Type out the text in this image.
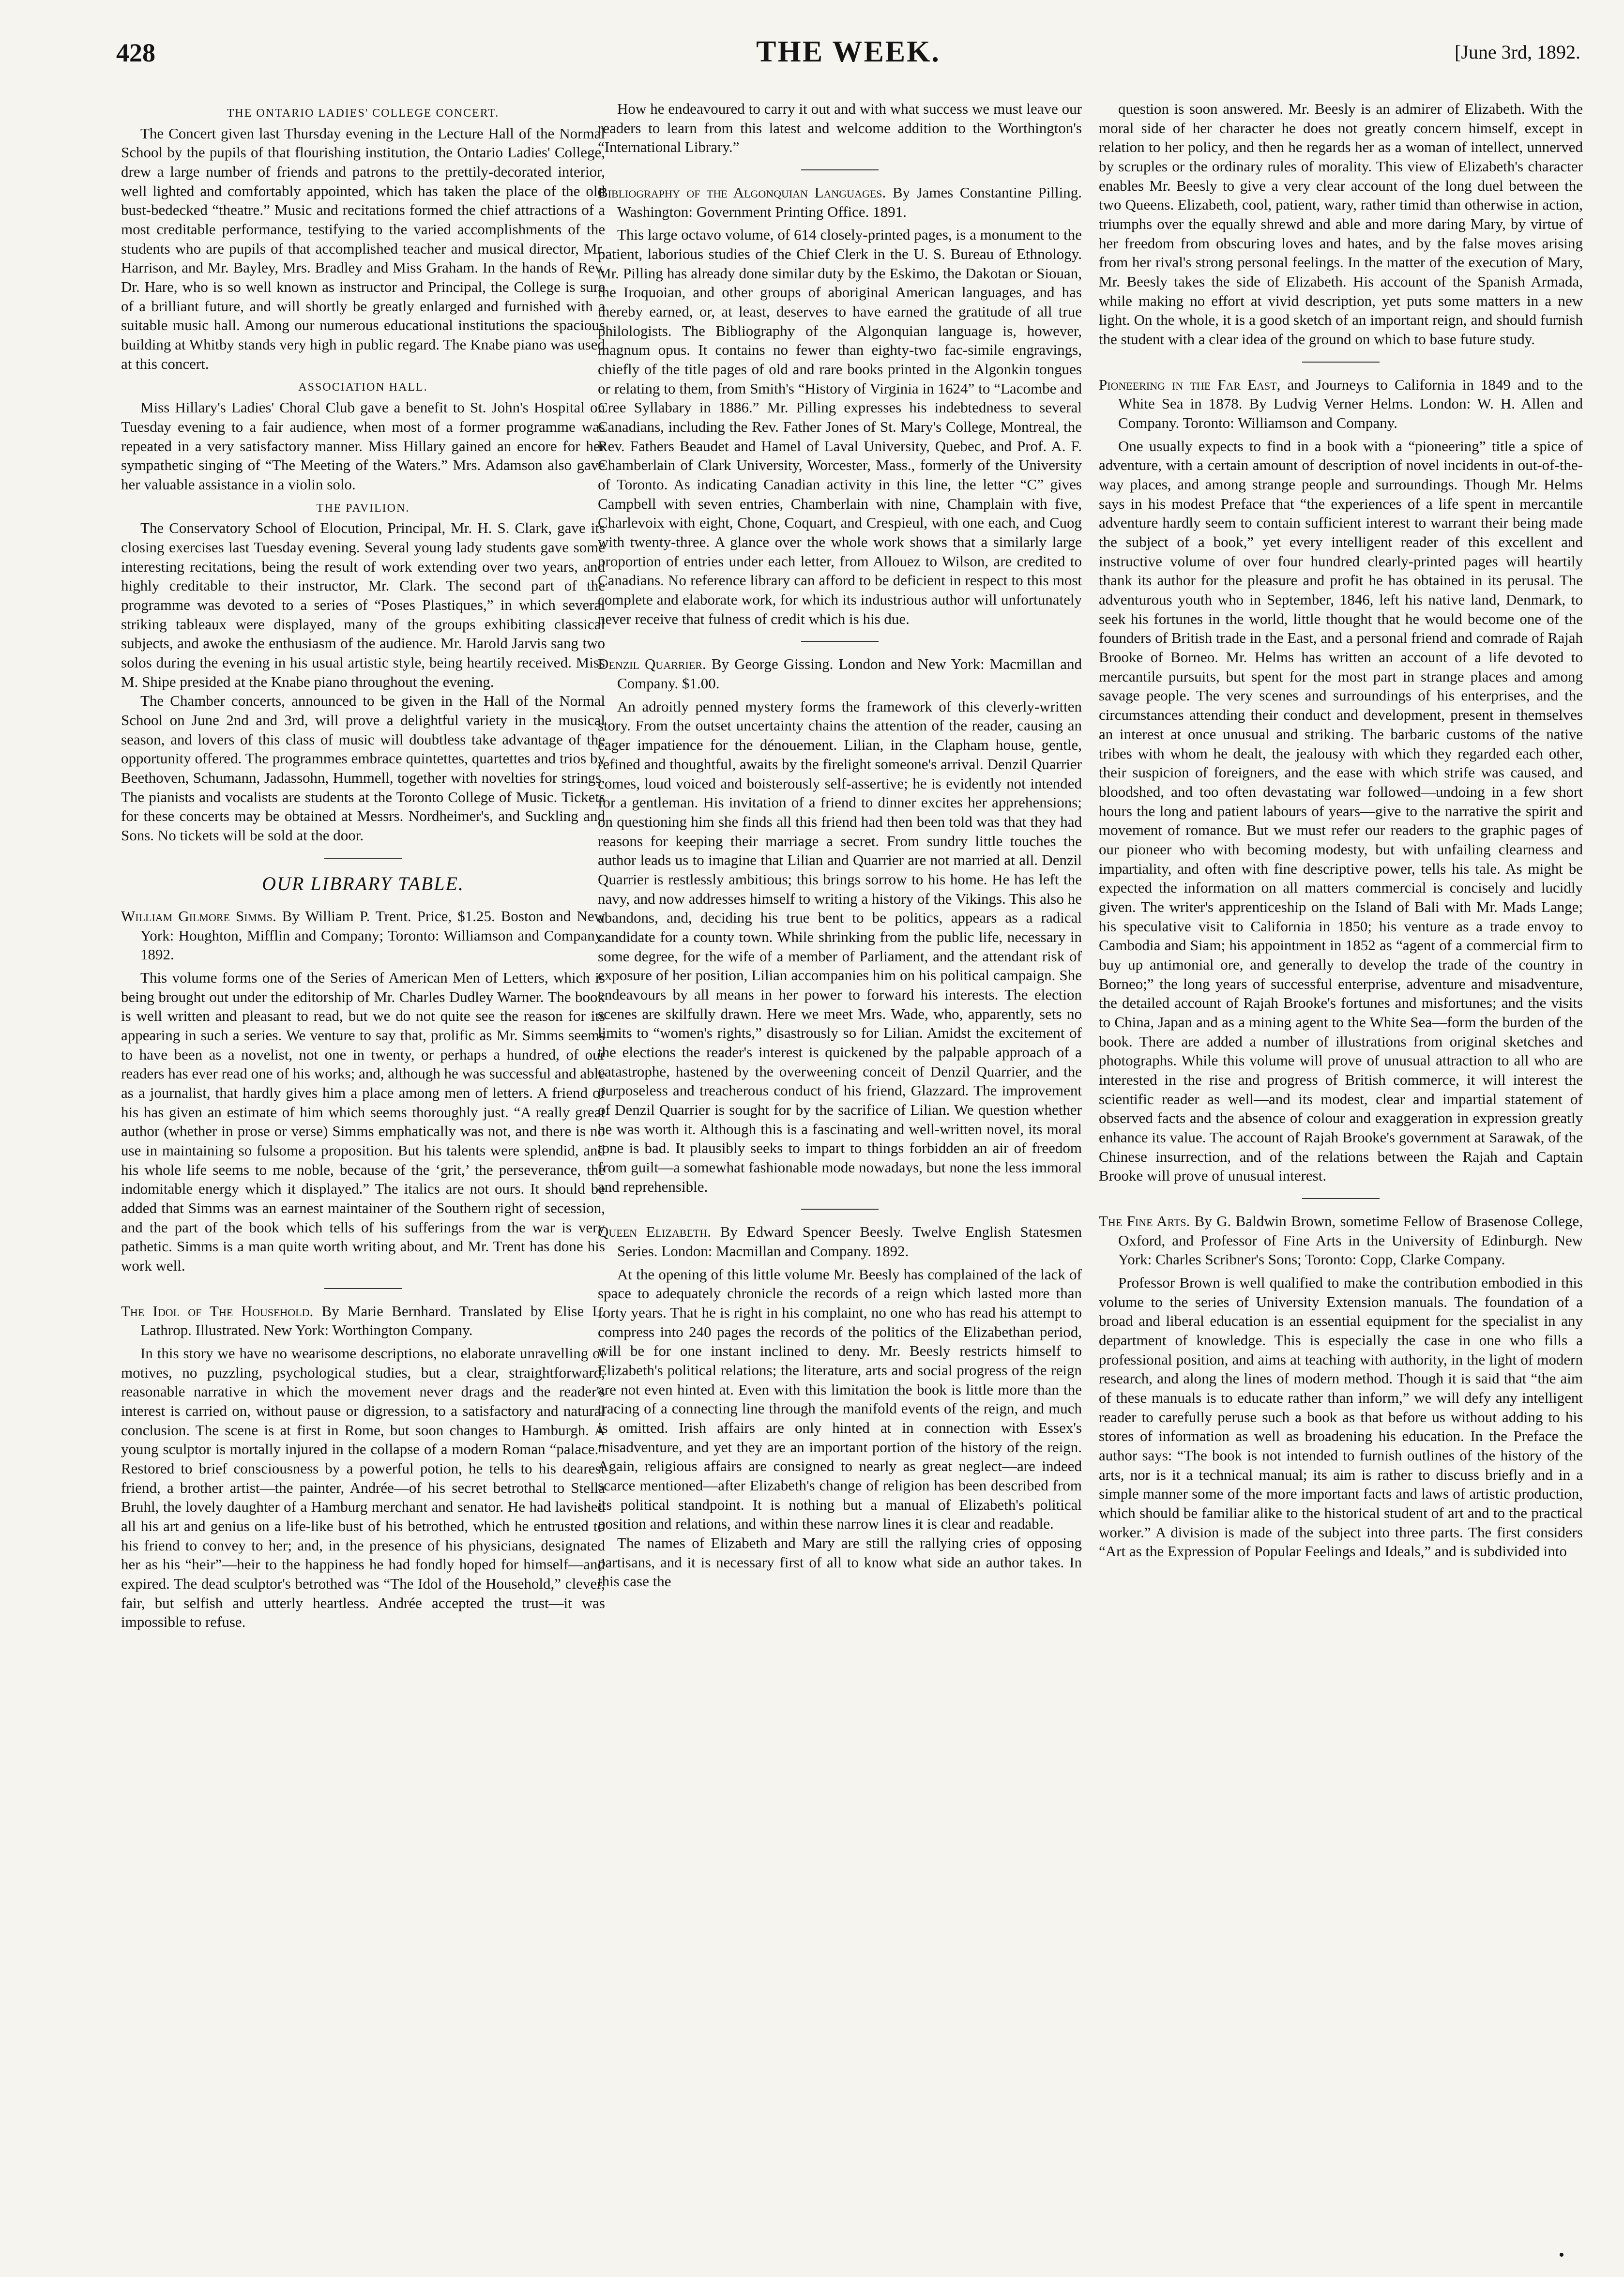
428	THE WEEK.	[June 3rd, 1892.
THE ONTARIO LADIES' COLLEGE CONCERT.

The Concert given last Thursday evening in the Lecture Hall of the Normal School by the pupils of that flourishing institution, the Ontario Ladies' College, drew a large number of friends and patrons to the prettily-decorated interior, well lighted and comfortably appointed, which has taken the place of the old bust-bedecked “theatre.” Music and recitations formed the chief attractions of a most creditable performance, testifying to the varied accomplishments of the students who are pupils of that accomplished teacher and musical director, Mr. Harrison, and Mr. Bayley, Mrs. Bradley and Miss Graham. In the hands of Rev. Dr. Hare, who is so well known as instructor and Principal, the College is sure of a brilliant future, and will shortly be greatly enlarged and furnished with a suitable music hall. Among our numerous educational institutions the spacious building at Whitby stands very high in public regard. The Knabe piano was used at this concert.

ASSOCIATION HALL.

Miss Hillary's Ladies' Choral Club gave a benefit to St. John's Hospital on Tuesday evening to a fair audience, when most of a former programme was repeated in a very satisfactory manner. Miss Hillary gained an encore for her sympathetic singing of “The Meeting of the Waters.” Mrs. Adamson also gave her valuable assistance in a violin solo.

THE PAVILION.

The Conservatory School of Elocution, Principal, Mr. H. S. Clark, gave its closing exercises last Tuesday evening. Several young lady students gave some interesting recitations, being the result of work extending over two years, and highly creditable to their instructor, Mr. Clark. The second part of the programme was devoted to a series of “Poses Plastiques,” in which several striking tableaux were displayed, many of the groups exhibiting classical subjects, and awoke the enthusiasm of the audience. Mr. Harold Jarvis sang two solos during the evening in his usual artistic style, being heartily received. Miss M. Shipe presided at the Knabe piano throughout the evening.

The Chamber concerts, announced to be given in the Hall of the Normal School on June 2nd and 3rd, will prove a delightful variety in the musical season, and lovers of this class of music will doubtless take advantage of the opportunity offered. The programmes embrace quintettes, quartettes and trios by Beethoven, Schumann, Jadassohn, Hummell, together with novelties for strings. The pianists and vocalists are students at the Toronto College of Music. Tickets for these concerts may be obtained at Messrs. Nordheimer's, and Suckling and Sons. No tickets will be sold at the door.

OUR LIBRARY TABLE.

William Gilmore Simms. By William P. Trent. Price, $1.25. Boston and New York: Houghton, Mifflin and Company; Toronto: Williamson and Company. 1892.

This volume forms one of the Series of American Men of Letters, which is being brought out under the editorship of Mr. Charles Dudley Warner. The book is well written and pleasant to read, but we do not quite see the reason for its appearing in such a series. We venture to say that, prolific as Mr. Simms seems to have been as a novelist, not one in twenty, or perhaps a hundred, of our readers has ever read one of his works; and, although he was successful and able as a journalist, that hardly gives him a place among men of letters. A friend of his has given an estimate of him which seems thoroughly just. “A really great author (whether in prose or verse) Simms emphatically was not, and there is no use in maintaining so fulsome a proposition. But his talents were splendid, and his whole life seems to me noble, because of the ‘grit,’ the perseverance, the indomitable energy which it displayed.” The italics are not ours. It should be added that Simms was an earnest maintainer of the Southern right of secession, and the part of the book which tells of his sufferings from the war is very pathetic. Simms is a man quite worth writing about, and Mr. Trent has done his work well.

The Idol of The Household. By Marie Bernhard. Translated by Elise L. Lathrop. Illustrated. New York: Worthington Company.

In this story we have no wearisome descriptions, no elaborate unravelling of motives, no puzzling, psychological studies, but a clear, straightforward, reasonable narrative in which the movement never drags and the reader's interest is carried on, without pause or digression, to a satisfactory and natural conclusion. The scene is at first in Rome, but soon changes to Hamburgh. A young sculptor is mortally injured in the collapse of a modern Roman “palace.” Restored to brief consciousness by a powerful potion, he tells to his dearest friend, a brother artist—the painter, Andrée—of his secret betrothal to Stella Bruhl, the lovely daughter of a Hamburg merchant and senator. He had lavished all his art and genius on a life-like bust of his betrothed, which he entrusted to his friend to convey to her; and, in the presence of his physicians, designated her as his “heir”—heir to the happiness he had fondly hoped for himself—and expired. The dead sculptor's betrothed was “The Idol of the Household,” clever, fair, but selfish and utterly heartless. Andrée accepted the trust—it was impossible to refuse.

How he endeavoured to carry it out and with what success we must leave our readers to learn from this latest and welcome addition to the Worthington's “International Library.”

Bibliography of the Algonquian Languages. By James Constantine Pilling. Washington: Government Printing Office. 1891.

This large octavo volume, of 614 closely-printed pages, is a monument to the patient, laborious studies of the Chief Clerk in the U. S. Bureau of Ethnology. Mr. Pilling has already done similar duty by the Eskimo, the Dakotan or Siouan, the Iroquoian, and other groups of aboriginal American languages, and has thereby earned, or, at least, deserves to have earned the gratitude of all true philologists. The Bibliography of the Algonquian language is, however, magnum opus. It contains no fewer than eighty-two fac-simile engravings, chiefly of the title pages of old and rare books printed in the Algonkin tongues or relating to them, from Smith's “History of Virginia in 1624” to “Lacombe and Cree Syllabary in 1886.” Mr. Pilling expresses his indebtedness to several Canadians, including the Rev. Father Jones of St. Mary's College, Montreal, the Rev. Fathers Beaudet and Hamel of Laval University, Quebec, and Prof. A. F. Chamberlain of Clark University, Worcester, Mass., formerly of the University of Toronto. As indicating Canadian activity in this line, the letter “C” gives Campbell with seven entries, Chamberlain with nine, Champlain with five, Charlevoix with eight, Chone, Coquart, and Crespieul, with one each, and Cuog with twenty-three. A glance over the whole work shows that a similarly large proportion of entries under each letter, from Allouez to Wilson, are credited to Canadians. No reference library can afford to be deficient in respect to this most complete and elaborate work, for which its industrious author will unfortunately never receive that fulness of credit which is his due.

Denzil Quarrier. By George Gissing. London and New York: Macmillan and Company. $1.00.

An adroitly penned mystery forms the framework of this cleverly-written story. From the outset uncertainty chains the attention of the reader, causing an eager impatience for the dénouement. Lilian, in the Clapham house, gentle, refined and thoughtful, awaits by the firelight someone's arrival. Denzil Quarrier comes, loud voiced and boisterously self-assertive; he is evidently not intended for a gentleman. His invitation of a friend to dinner excites her apprehensions; on questioning him she finds all this friend had then been told was that they had reasons for keeping their marriage a secret. From sundry little touches the author leads us to imagine that Lilian and Quarrier are not married at all. Denzil Quarrier is restlessly ambitious; this brings sorrow to his home. He has left the navy, and now addresses himself to writing a history of the Vikings. This also he abandons, and, deciding his true bent to be politics, appears as a radical candidate for a county town. While shrinking from the public life, necessary in some degree, for the wife of a member of Parliament, and the attendant risk of exposure of her position, Lilian accompanies him on his political campaign. She endeavours by all means in her power to forward his interests. The election scenes are skilfully drawn. Here we meet Mrs. Wade, who, apparently, sets no limits to “women's rights,” disastrously so for Lilian. Amidst the excitement of the elections the reader's interest is quickened by the palpable approach of a catastrophe, hastened by the overweening conceit of Denzil Quarrier, and the purposeless and treacherous conduct of his friend, Glazzard. The improvement of Denzil Quarrier is sought for by the sacrifice of Lilian. We question whether he was worth it. Although this is a fascinating and well-written novel, its moral tone is bad. It plausibly seeks to impart to things forbidden an air of freedom from guilt—a somewhat fashionable mode nowadays, but none the less immoral and reprehensible.

Queen Elizabeth. By Edward Spencer Beesly. Twelve English Statesmen Series. London: Macmillan and Company. 1892.

At the opening of this little volume Mr. Beesly has complained of the lack of space to adequately chronicle the records of a reign which lasted more than forty years. That he is right in his complaint, no one who has read his attempt to compress into 240 pages the records of the politics of the Elizabethan period, will be for one instant inclined to deny. Mr. Beesly restricts himself to Elizabeth's political relations; the literature, arts and social progress of the reign are not even hinted at. Even with this limitation the book is little more than the tracing of a connecting line through the manifold events of the reign, and much is omitted. Irish affairs are only hinted at in connection with Essex's misadventure, and yet they are an important portion of the history of the reign. Again, religious affairs are consigned to nearly as great neglect—are indeed scarce mentioned—after Elizabeth's change of religion has been described from its political standpoint. It is nothing but a manual of Elizabeth's political position and relations, and within these narrow lines it is clear and readable.

The names of Elizabeth and Mary are still the rallying cries of opposing partisans, and it is necessary first of all to know what side an author takes. In this case the

question is soon answered. Mr. Beesly is an admirer of Elizabeth. With the moral side of her character he does not greatly concern himself, except in relation to her policy, and then he regards her as a woman of intellect, unnerved by scruples or the ordinary rules of morality. This view of Elizabeth's character enables Mr. Beesly to give a very clear account of the long duel between the two Queens. Elizabeth, cool, patient, wary, rather timid than otherwise in action, triumphs over the equally shrewd and able and more daring Mary, by virtue of her freedom from obscuring loves and hates, and by the false moves arising from her rival's strong personal feelings. In the matter of the execution of Mary, Mr. Beesly takes the side of Elizabeth. His account of the Spanish Armada, while making no effort at vivid description, yet puts some matters in a new light. On the whole, it is a good sketch of an important reign, and should furnish the student with a clear idea of the ground on which to base future study.

Pioneering in the Far East, and Journeys to California in 1849 and to the White Sea in 1878. By Ludvig Verner Helms. London: W. H. Allen and Company. Toronto: Williamson and Company.

One usually expects to find in a book with a “pioneering” title a spice of adventure, with a certain amount of description of novel incidents in out-of-the-way places, and among strange people and surroundings. Though Mr. Helms says in his modest Preface that “the experiences of a life spent in mercantile adventure hardly seem to contain sufficient interest to warrant their being made the subject of a book,” yet every intelligent reader of this excellent and instructive volume of over four hundred clearly-printed pages will heartily thank its author for the pleasure and profit he has obtained in its perusal. The adventurous youth who in September, 1846, left his native land, Denmark, to seek his fortunes in the world, little thought that he would become one of the founders of British trade in the East, and a personal friend and comrade of Rajah Brooke of Borneo. Mr. Helms has written an account of a life devoted to mercantile pursuits, but spent for the most part in strange places and among savage people. The very scenes and surroundings of his enterprises, and the circumstances attending their conduct and development, present in themselves an interest at once unusual and striking. The barbaric customs of the native tribes with whom he dealt, the jealousy with which they regarded each other, their suspicion of foreigners, and the ease with which strife was caused, and bloodshed, and too often devastating war followed—undoing in a few short hours the long and patient labours of years—give to the narrative the spirit and movement of romance. But we must refer our readers to the graphic pages of our pioneer who with becoming modesty, but with unfailing clearness and impartiality, and often with fine descriptive power, tells his tale. As might be expected the information on all matters commercial is concisely and lucidly given. The writer's apprenticeship on the Island of Bali with Mr. Mads Lange; his speculative visit to California in 1850; his venture as a trade envoy to Cambodia and Siam; his appointment in 1852 as “agent of a commercial firm to buy up antimonial ore, and generally to develop the trade of the country in Borneo;” the long years of successful enterprise, adventure and misadventure, the detailed account of Rajah Brooke's fortunes and misfortunes; and the visits to China, Japan and as a mining agent to the White Sea—form the burden of the book. There are added a number of illustrations from original sketches and photographs. While this volume will prove of unusual attraction to all who are interested in the rise and progress of British commerce, it will interest the scientific reader as well—and its modest, clear and impartial statement of observed facts and the absence of colour and exaggeration in expression greatly enhance its value. The account of Rajah Brooke's government at Sarawak, of the Chinese insurrection, and of the relations between the Rajah and Captain Brooke will prove of unusual interest.

The Fine Arts. By G. Baldwin Brown, sometime Fellow of Brasenose College, Oxford, and Professor of Fine Arts in the University of Edinburgh. New York: Charles Scribner's Sons; Toronto: Copp, Clarke Company.

Professor Brown is well qualified to make the contribution embodied in this volume to the series of University Extension manuals. The foundation of a broad and liberal education is an essential equipment for the specialist in any department of knowledge. This is especially the case in one who fills a professional position, and aims at teaching with authority, in the light of modern research, and along the lines of modern method. Though it is said that “the aim of these manuals is to educate rather than inform,” we will defy any intelligent reader to carefully peruse such a book as that before us without adding to his stores of information as well as broadening his education. In the Preface the author says: “The book is not intended to furnish outlines of the history of the arts, nor is it a technical manual; its aim is rather to discuss briefly and in a simple manner some of the more important facts and laws of artistic production, which should be familiar alike to the historical student of art and to the practical worker.” A division is made of the subject into three parts. The first considers “Art as the Expression of Popular Feelings and Ideals,” and is subdivided into

•
